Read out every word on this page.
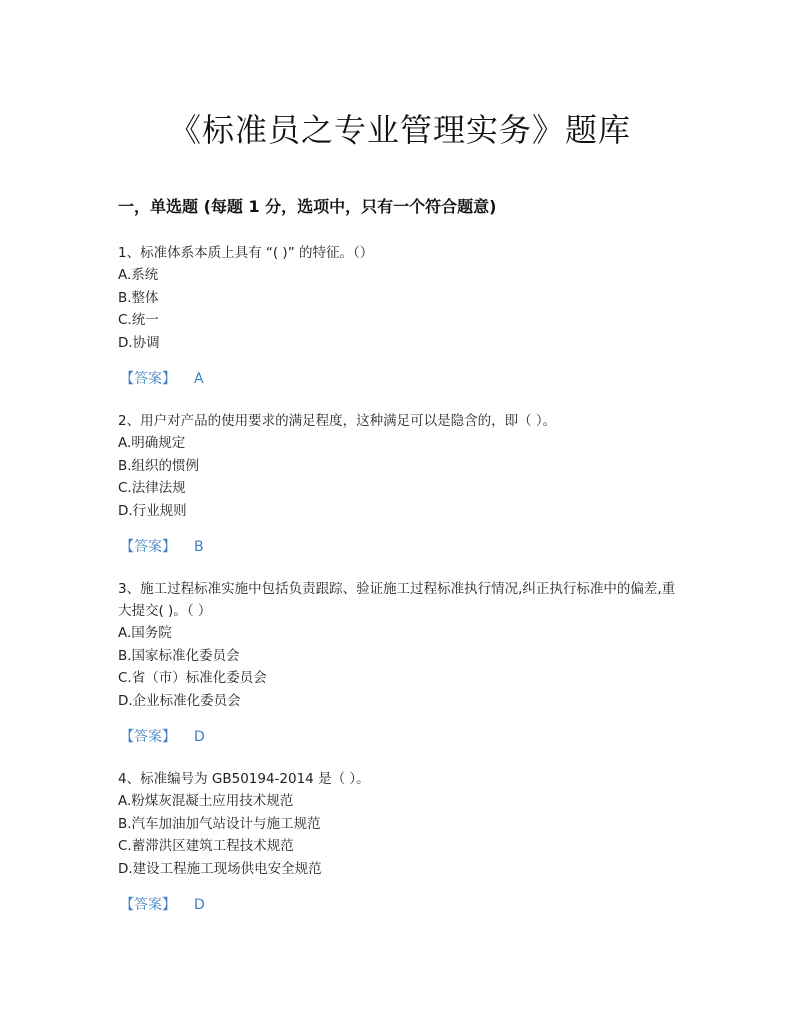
《标准员之专业管理实务》题库
一，单选题 (每题 1 分，选项中，只有一个符合题意)

1、标准体系本质上具有 “( )” 的特征。（）

A.系统

B.整体

C.统一

D.协调

【答案】 A

2、用户对产品的使用要求的满足程度，这种满足可以是隐含的，即（ ）。

A.明确规定

B.组织的惯例

C.法律法规

D.行业规则

【答案】 B

3、施工过程标准实施中包括负责跟踪、验证施工过程标准执行情况,纠正执行标准中的偏差,重大提交( )。（ ）

A.国务院

B.国家标准化委员会

C.省（市）标准化委员会

D.企业标准化委员会

【答案】 D

4、标准编号为 GB50194-2014 是（ ）。

A.粉煤灰混凝土应用技术规范

B.汽车加油加气站设计与施工规范

C.蓄滞洪区建筑工程技术规范

D.建设工程施工现场供电安全规范

【答案】 D
